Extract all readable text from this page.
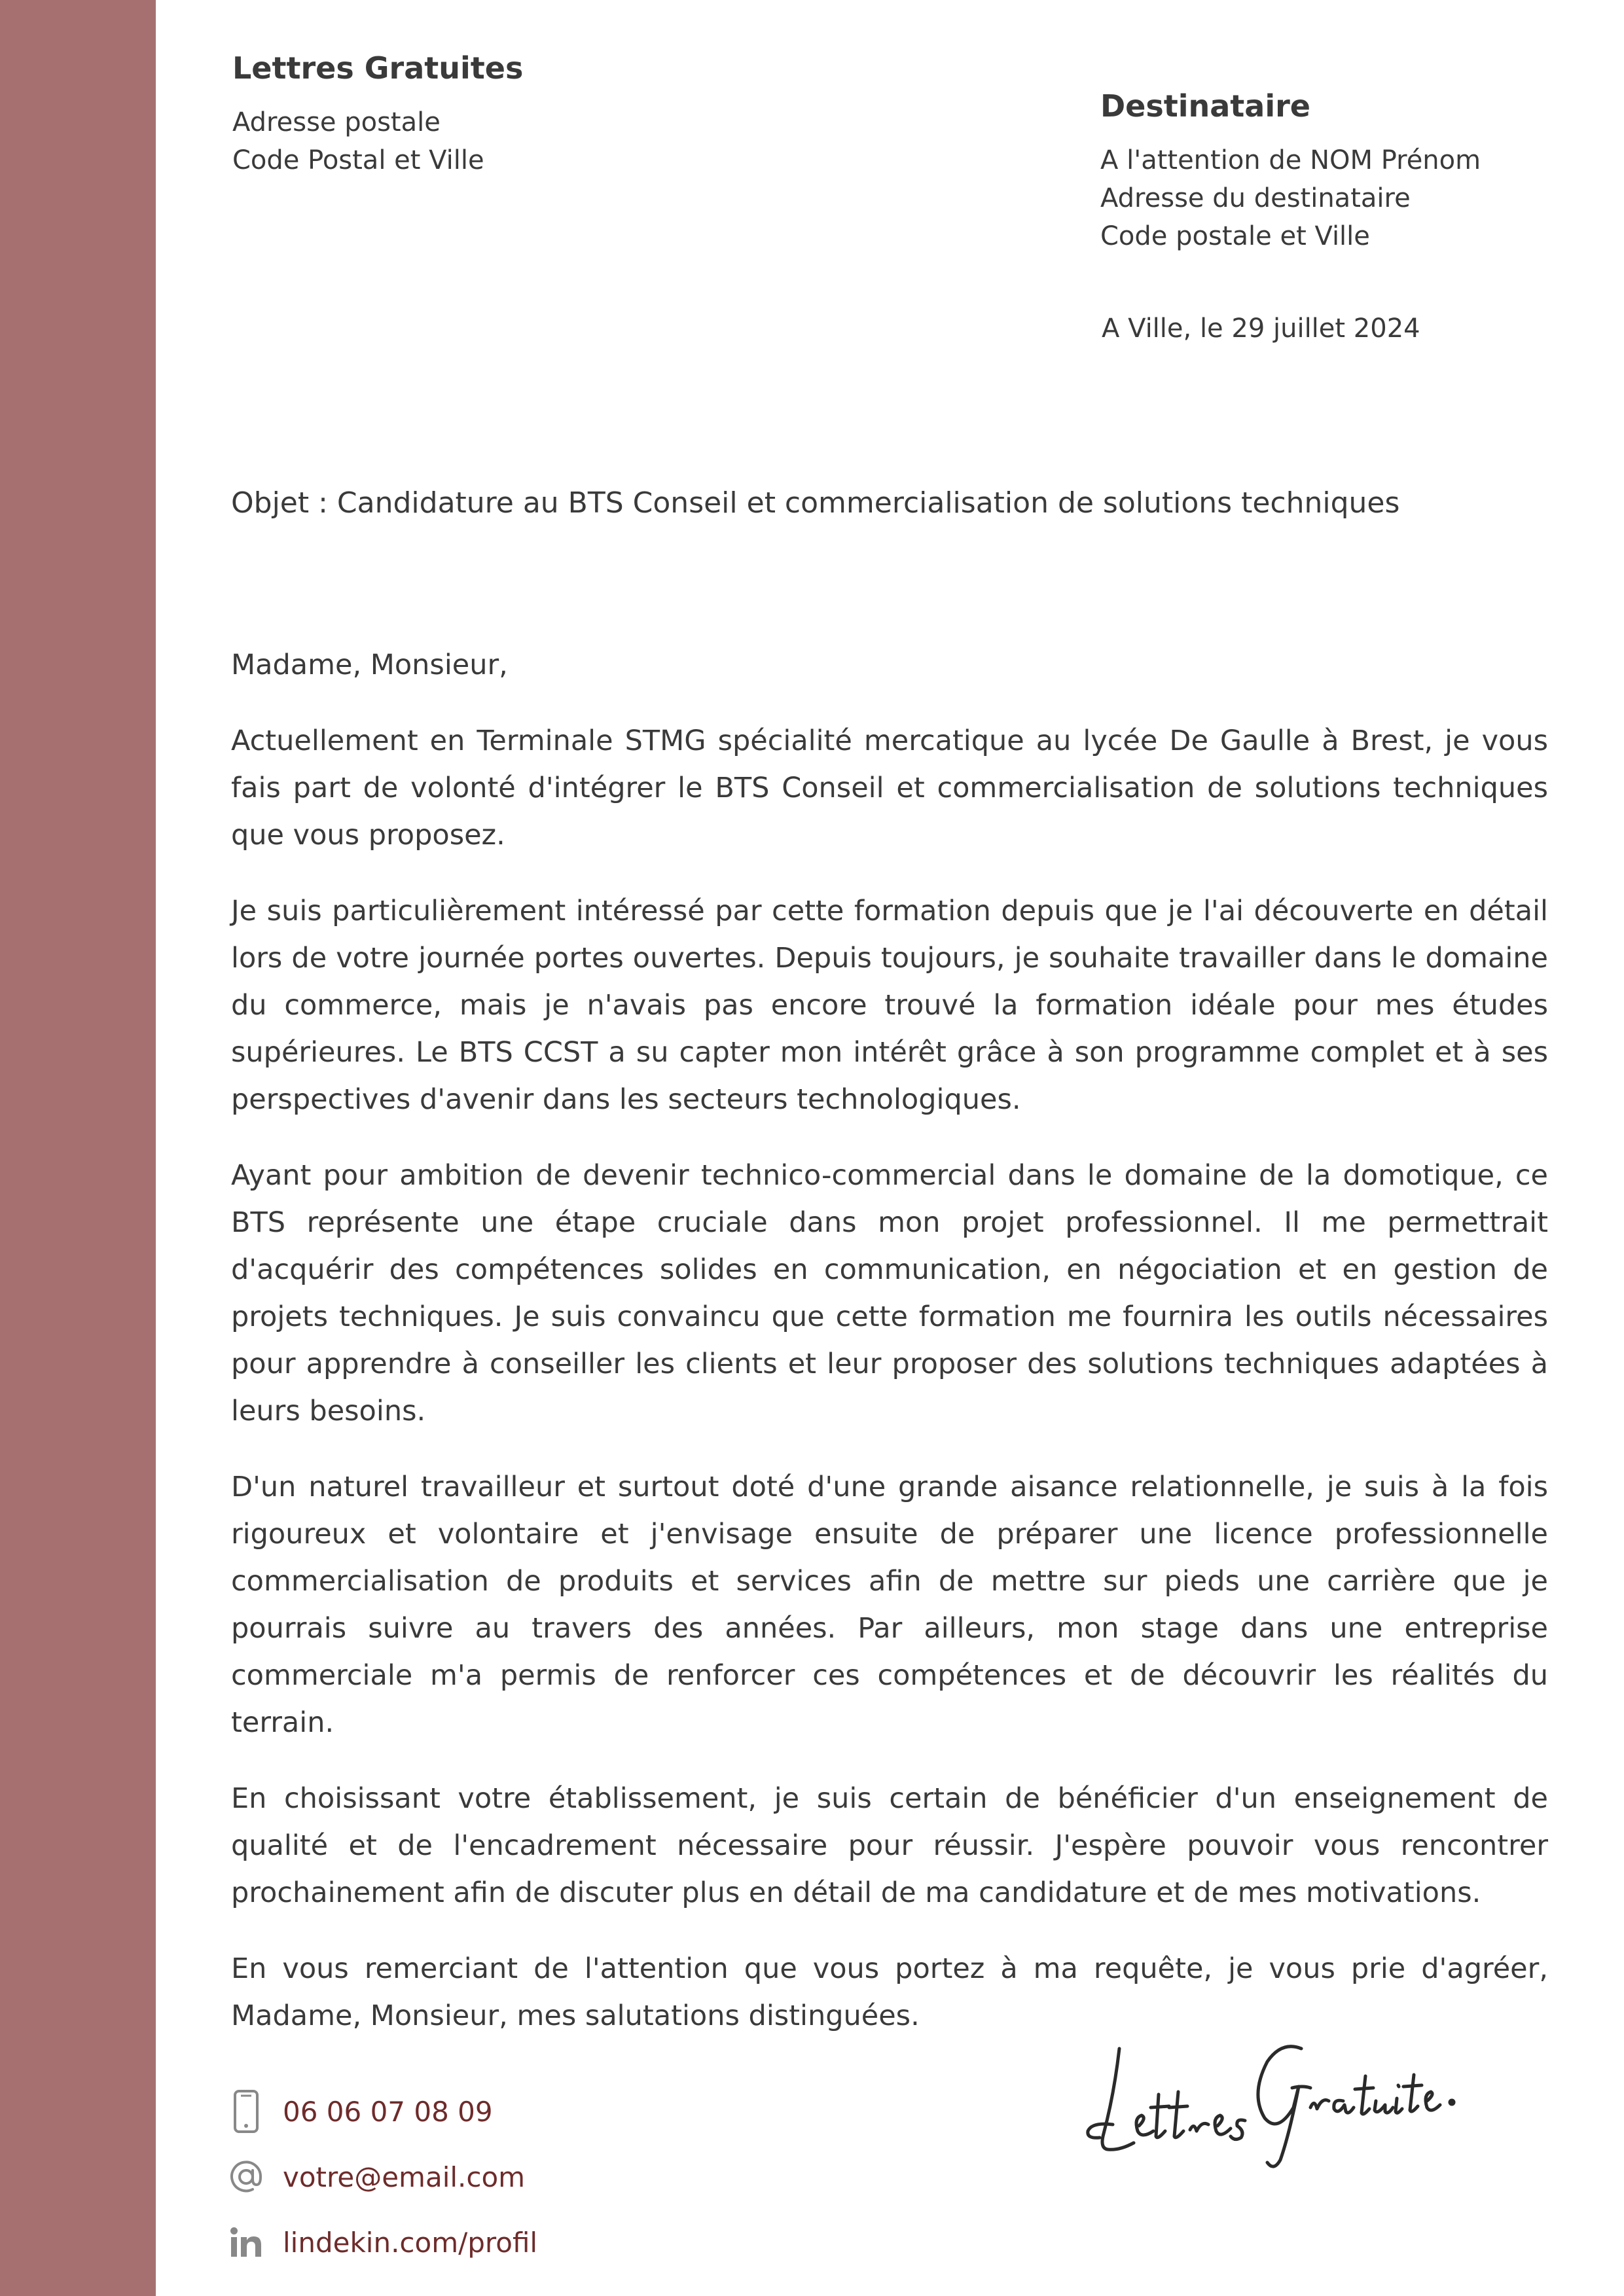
Lettres Gratuites
Adresse postale
Code Postal et Ville
Destinataire
A l'attention de NOM Prénom
Adresse du destinataire
Code postale et Ville
A Ville, le 29 juillet 2024
Objet : Candidature au BTS Conseil et commercialisation de solutions techniques
Madame, Monsieur,

Actuellement en Terminale STMG spécialité mercatique au lycée De Gaulle à Brest, je vous fais part de volonté d'intégrer le BTS Conseil et commercialisation de solutions techniques que vous proposez.

Je suis particulièrement intéressé par cette formation depuis que je l'ai découverte en détail lors de votre journée portes ouvertes. Depuis toujours, je souhaite travailler dans le domaine du commerce, mais je n'avais pas encore trouvé la formation idéale pour mes études supérieures. Le BTS CCST a su capter mon intérêt grâce à son programme complet et à ses perspectives d'avenir dans les secteurs technologiques.

Ayant pour ambition de devenir technico-commercial dans le domaine de la domotique, ce BTS représente une étape cruciale dans mon projet professionnel. Il me permettrait d'acquérir des compétences solides en communication, en négociation et en gestion de projets techniques. Je suis convaincu que cette formation me fournira les outils nécessaires pour apprendre à conseiller les clients et leur proposer des solutions techniques adaptées à leurs besoins.

D'un naturel travailleur et surtout doté d'une grande aisance relationnelle, je suis à la fois rigoureux et volontaire et j'envisage ensuite de préparer une licence professionnelle commercialisation de produits et services afin de mettre sur pieds une carrière que je pourrais suivre au travers des années. Par ailleurs, mon stage dans une entreprise commerciale m'a permis de renforcer ces compétences et de découvrir les réalités du terrain.

En choisissant votre établissement, je suis certain de bénéficier d'un enseignement de qualité et de l'encadrement nécessaire pour réussir. J'espère pouvoir vous rencontrer prochainement afin de discuter plus en détail de ma candidature et de mes motivations.

En vous remerciant de l'attention que vous portez à ma requête, je vous prie d'agréer, Madame, Monsieur, mes salutations distinguées.

06 06 07 08 09
votre@email.com
lindekin.com/profil
